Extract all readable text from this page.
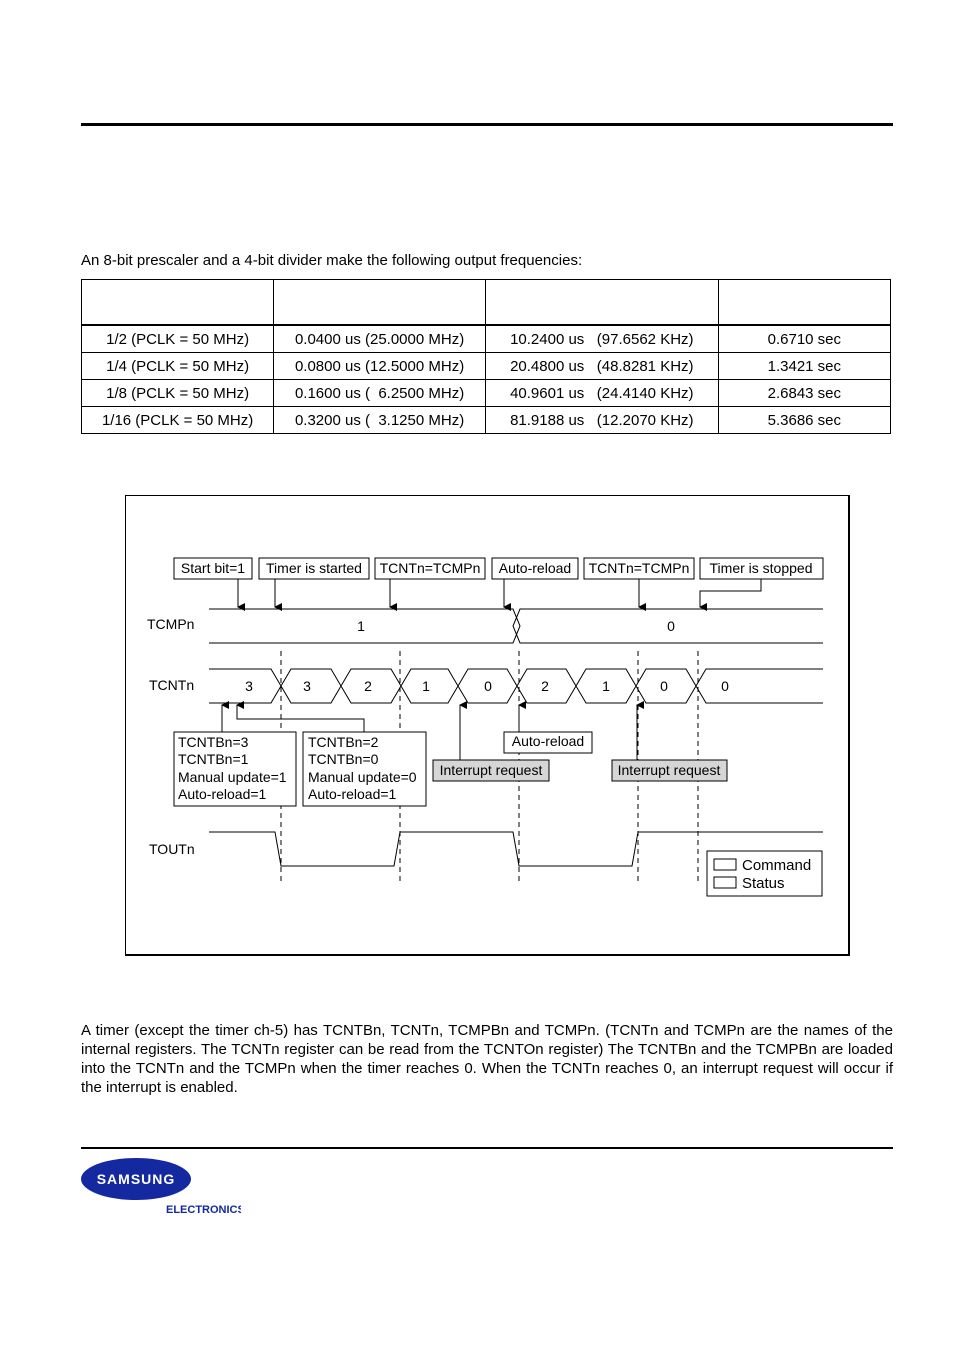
An 8-bit prescaler and a 4-bit divider make the following output frequencies:

1/2 (PCLK = 50 MHz)	0.0400 us (25.0000 MHz)	10.2400 us   (97.6562 KHz)	0.6710 sec
1/4 (PCLK = 50 MHz)	0.0800 us (12.5000 MHz)	20.4800 us   (48.8281 KHz)	1.3421 sec
1/8 (PCLK = 50 MHz)	0.1600 us (  6.2500 MHz)	40.9601 us   (24.4140 KHz)	2.6843 sec
1/16 (PCLK = 50 MHz)	0.3200 us (  3.1250 MHz)	81.9188 us   (12.2070 KHz)	5.3686 sec
Start bit=1 Timer is started TCNTn=TCMPn Auto-reload TCNTn=TCMPn Timer is stopped
TCMPn	1	0
TCNTn	3	3	2	1	0	2	1	0	0
TCNTBn=3
TCNTBn=1
Manual update=1
Auto-reload=1
TCNTBn=2
TCNTBn=0
Manual update=0
Auto-reload=1
Auto-reload
Interrupt request	Interrupt request
TOUTn
Command
Status
A timer (except the timer ch-5) has TCNTBn, TCNTn, TCMPBn and TCMPn. (TCNTn and TCMPn are the names of the internal registers. The TCNTn register can be read from the TCNTOn register) The TCNTBn and the TCMPBn are loaded into the TCNTn and the TCMPn when the timer reaches 0. When the TCNTn reaches 0, an interrupt request will occur if the interrupt is enabled.
SAMSUNG
ELECTRONICS
